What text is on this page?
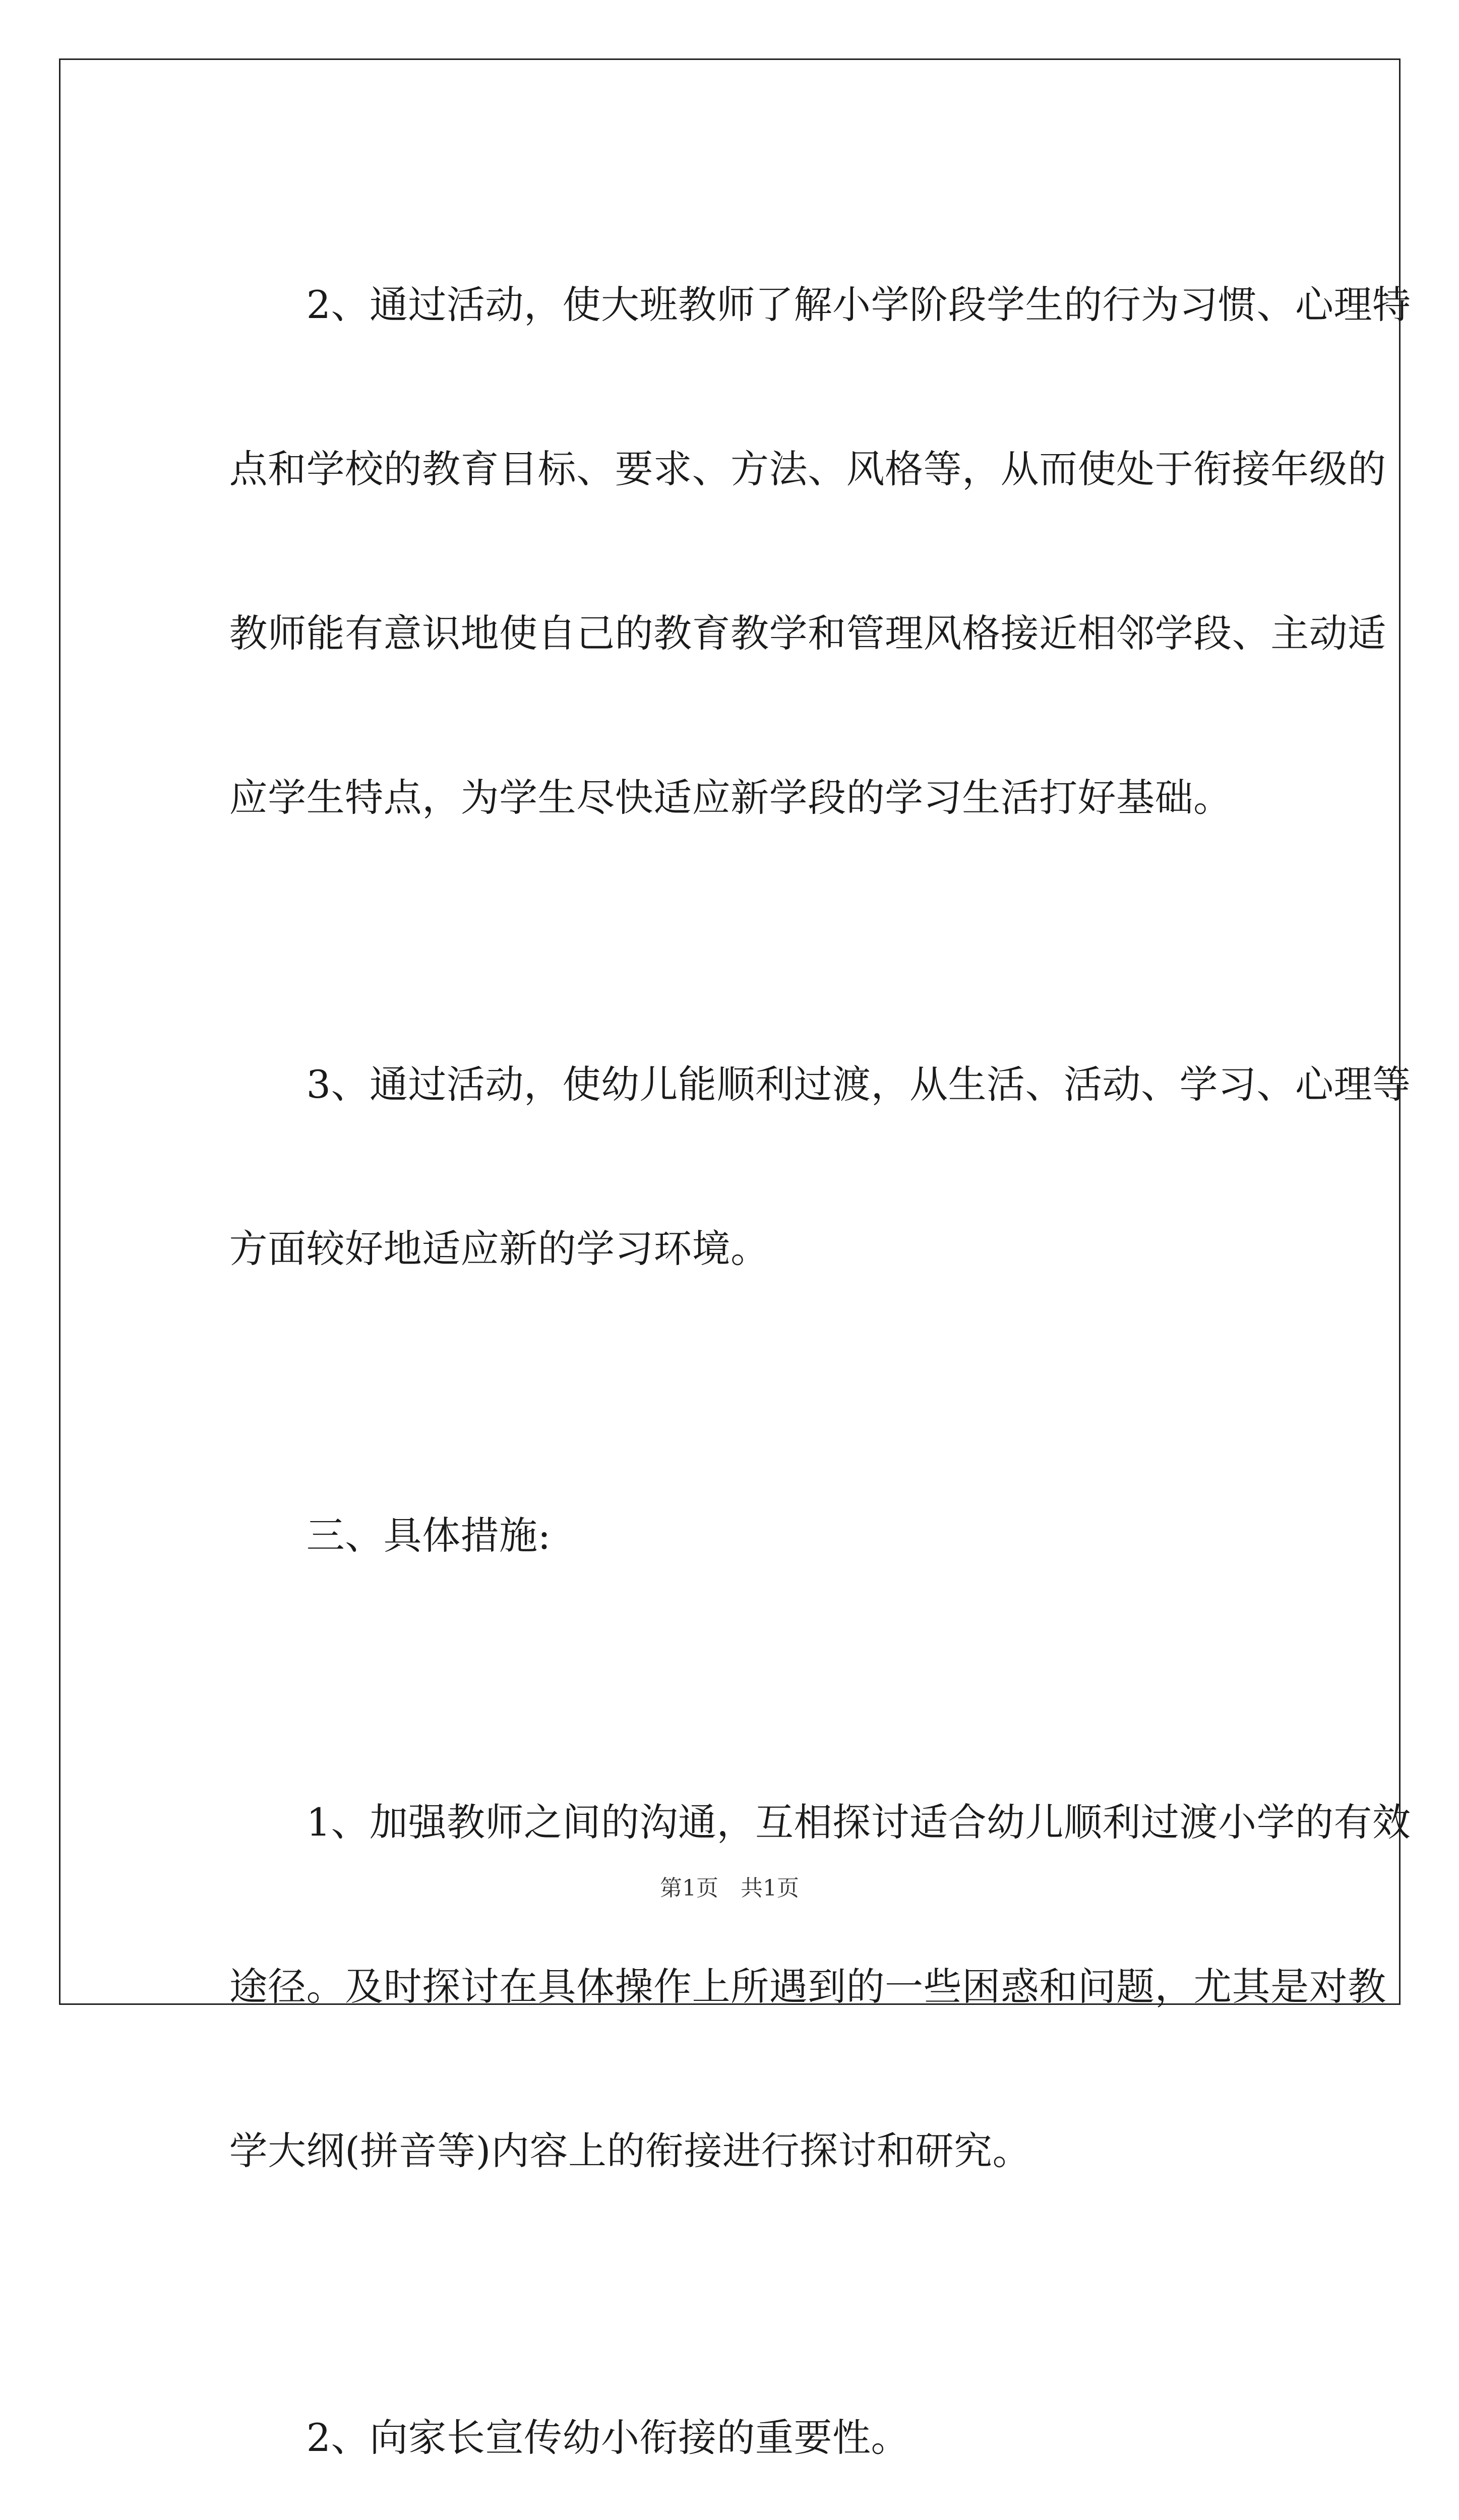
　　2、通过活动，使大班教师了解小学阶段学生的行为习惯、心理特

点和学校的教育目标、要求、方法、风格等，从而使处于衔接年级的

教师能有意识地使自己的教育教学和管理风格接近相邻学段、主动适

应学生特点，为学生尽快适应新学段的学习生活打好基础。

　　3、通过活动，使幼儿能顺利过渡，从生活、活动、学习、心理等

方面较好地适应新的学习环境。

　　三、具体措施:

　　1、加强教师之间的沟通，互相探讨适合幼儿顺利过渡小学的有效

途径。及时探讨在具体操作上所遇到的一些困惑和问题，尤其是对教

学大纲(拼音等)内容上的衔接进行探讨和研究。

　　2、向家长宣传幼小衔接的重要性。

第1页　共1页
